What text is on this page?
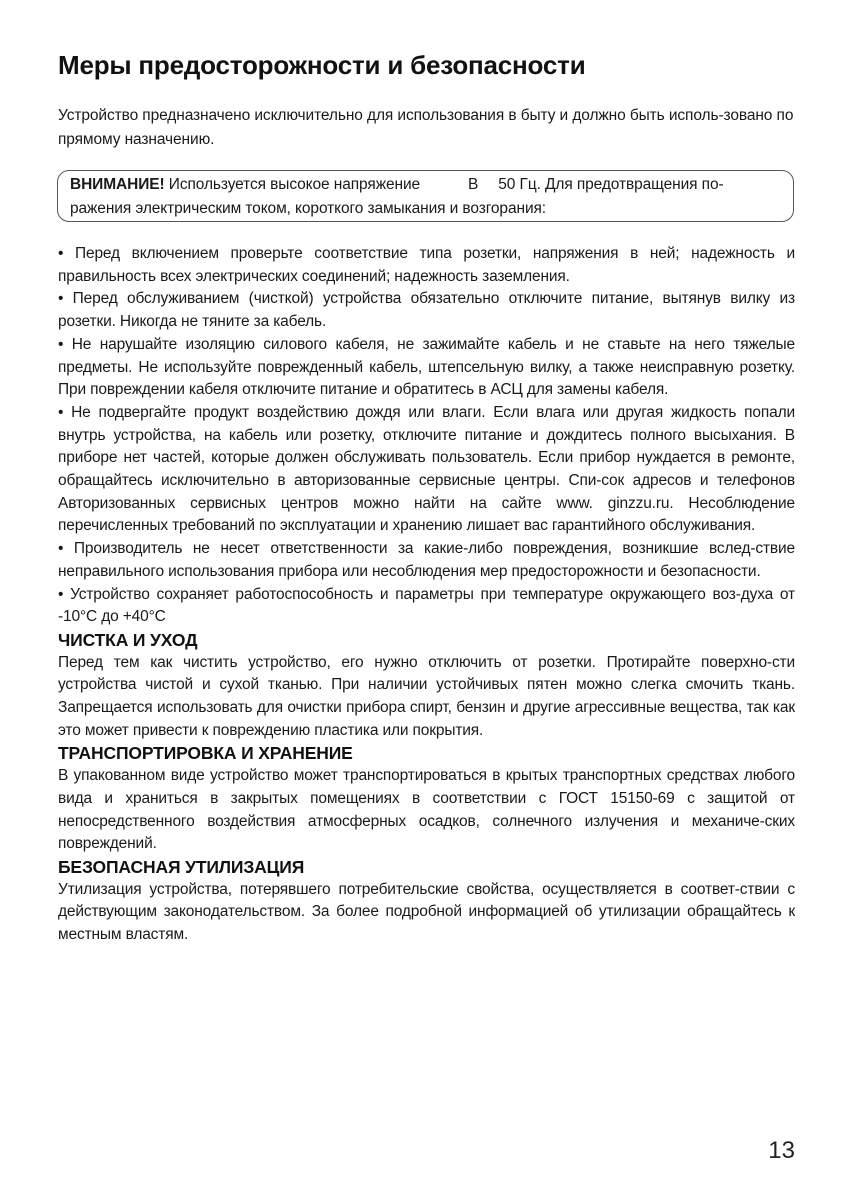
Меры предосторожности и безопасности

Устройство предназначено исключительно для использования в быту и должно быть исполь-зовано по прямому назначению.

ВНИМАНИЕ! Используется высокое напряжение	В 50 Гц. Для предотвращения по-ражения электрическим током, короткого замыкания и возгорания:

• Перед включением проверьте соответствие типа розетки, напряжения в ней; надежность и правильность всех электрических соединений; надежность заземления.

• Перед обслуживанием (чисткой) устройства обязательно отключите питание, вытянув вилку из розетки. Никогда не тяните за кабель.

• Не нарушайте изоляцию силового кабеля, не зажимайте кабель и не ставьте на него тяжелые предметы. Не используйте поврежденный кабель, штепсельную вилку, а также неисправную розетку. При повреждении кабеля отключите питание и обратитесь в АСЦ для замены кабеля.

• Не подвергайте продукт воздействию дождя или влаги. Если влага или другая жидкость попали внутрь устройства, на кабель или розетку, отключите питание и дождитесь полного высыхания. В приборе нет частей, которые должен обслуживать пользователь. Если прибор нуждается в ремонте, обращайтесь исключительно в авторизованные сервисные центры. Спи-сок адресов и телефонов Авторизованных сервисных центров можно найти на сайте www. ginzzu.ru. Несоблюдение перечисленных требований по эксплуатации и хранению лишает вас гарантийного обслуживания.

• Производитель не несет ответственности за какие-либо повреждения, возникшие вслед-ствие неправильного использования прибора или несоблюдения мер предосторожности и безопасности.

• Устройство сохраняет работоспособность и параметры при температуре окружающего воз-духа от -10°C до +40°C

ЧИСТКА И УХОД

Перед тем как чистить устройство, его нужно отключить от розетки. Протирайте поверхно-сти устройства чистой и сухой тканью. При наличии устойчивых пятен можно слегка смочить ткань. Запрещается использовать для очистки прибора спирт, бензин и другие агрессивные вещества, так как это может привести к повреждению пластика или покрытия.

ТРАНСПОРТИРОВКА И ХРАНЕНИЕ

В упакованном виде устройство может транспортироваться в крытых транспортных средствах любого вида и храниться в закрытых помещениях в соответствии с ГОСТ 15150-69 с защитой от непосредственного воздействия атмосферных осадков, солнечного излучения и механиче-ских повреждений.

БЕЗОПАСНАЯ УТИЛИЗАЦИЯ

Утилизация устройства, потерявшего потребительские свойства, осуществляется в соответ-ствии с действующим законодательством. За более подробной информацией об утилизации обращайтесь к местным властям.

13
